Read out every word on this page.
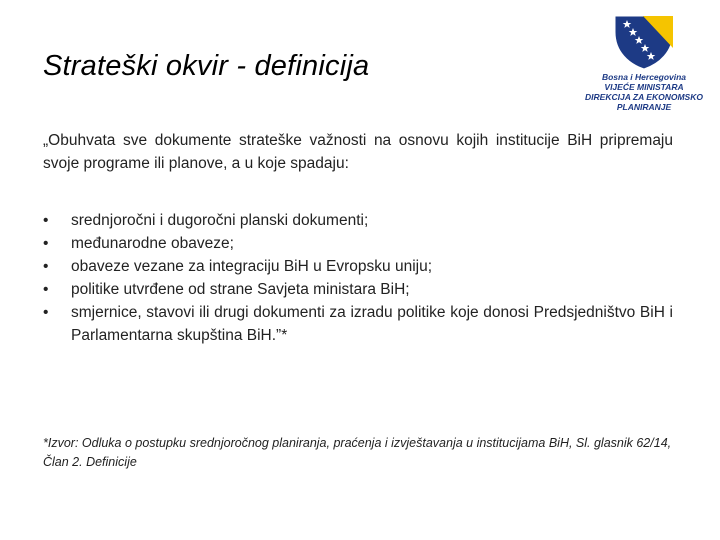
Strateški okvir - definicija	Bosna i Hercegovina
VIJEĆE MINISTARA
DIREKCIJA ZA EKONOMSKO
PLANIRANJE

„Obuhvata sve dokumente strateške važnosti na osnovu kojih institucije BiH pripremaju svoje programe ili planove, a u koje spadaju:

• srednjoročni i dugoročni planski dokumenti;
• međunarodne obaveze;
• obaveze vezane za integraciju BiH u Evropsku uniju;
• politike utvrđene od strane Savjeta ministara BiH;
• smjernice, stavovi ili drugi dokumenti za izradu politike koje donosi Predsjedništvo BiH i Parlamentarna skupština BiH.”*

*Izvor: Odluka o postupku srednjoročnog planiranja, praćenja i izvještavanja u institucijama BiH, Sl. glasnik 62/14, Član 2. Definicije
